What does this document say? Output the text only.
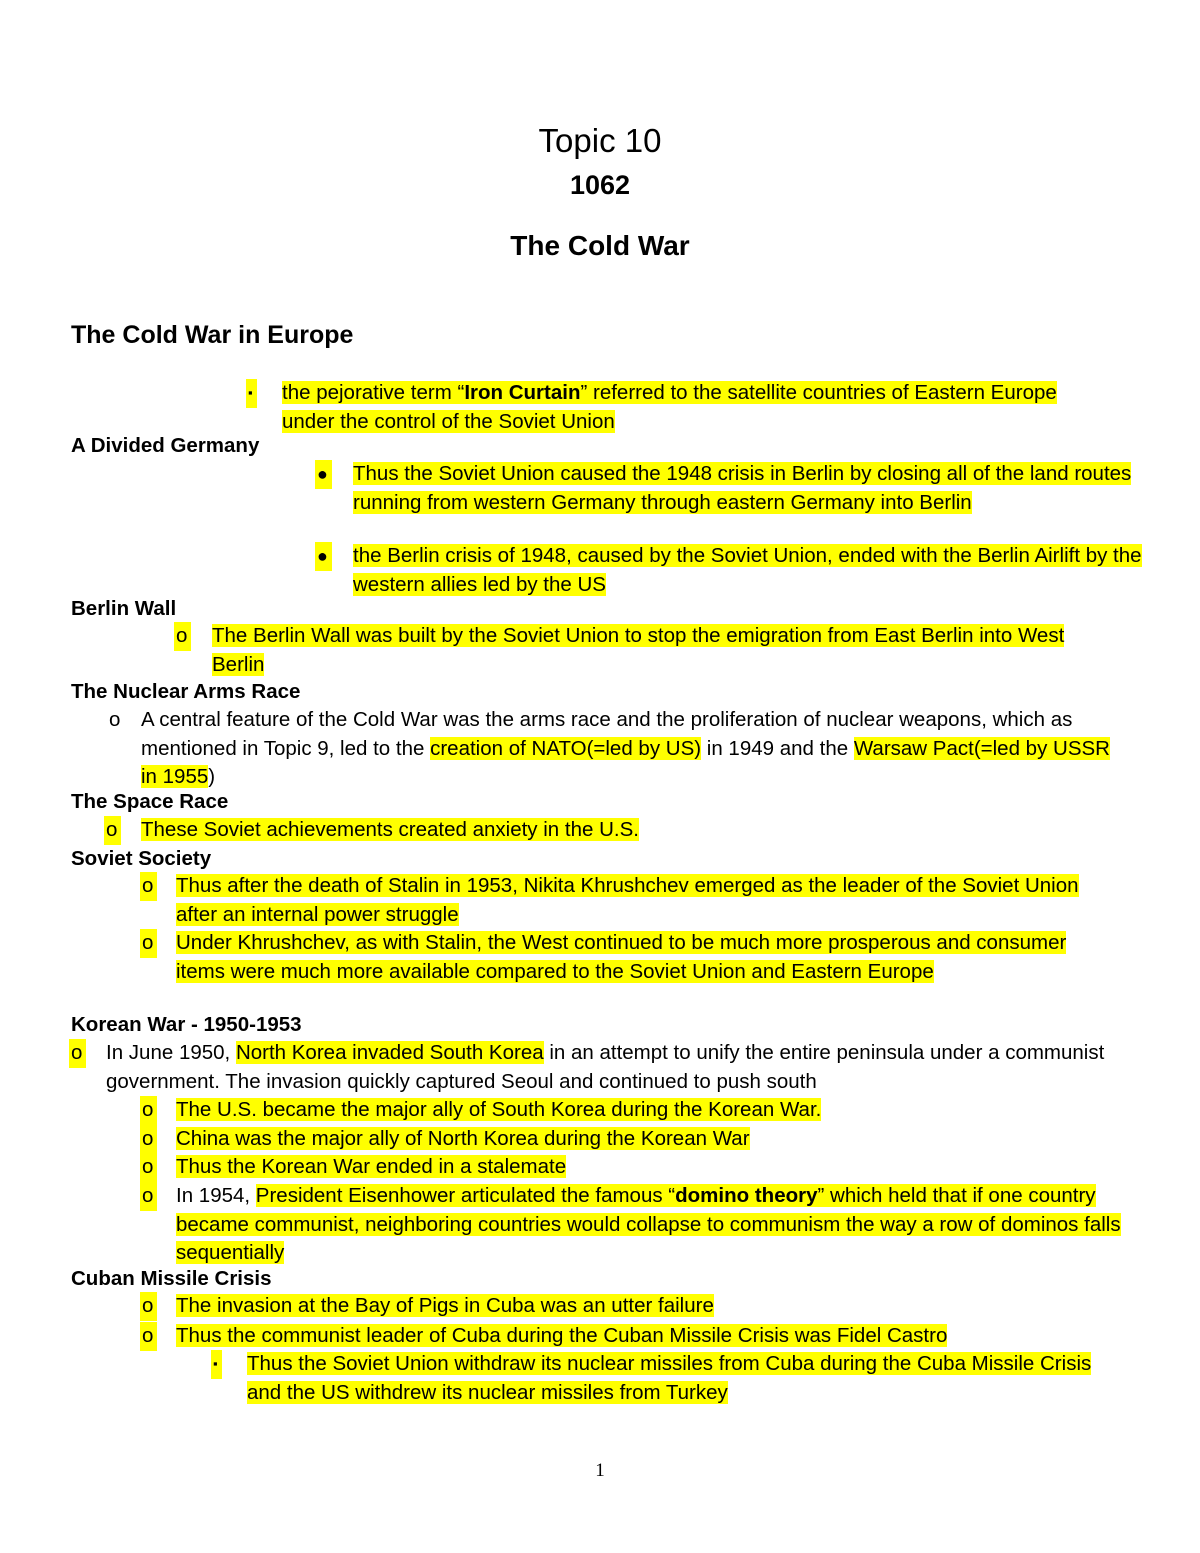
Topic 10
1062
The Cold War
The Cold War in Europe
▪ the pejorative term “Iron Curtain” referred to the satellite countries of Eastern Europe under the control of the Soviet Union
A Divided Germany
● Thus the Soviet Union caused the 1948 crisis in Berlin by closing all of the land routes running from western Germany through eastern Germany into Berlin
● the Berlin crisis of 1948, caused by the Soviet Union, ended with the Berlin Airlift by the western allies led by the US
Berlin Wall
o The Berlin Wall was built by the Soviet Union to stop the emigration from East Berlin into West Berlin
The Nuclear Arms Race
o A central feature of the Cold War was the arms race and the proliferation of nuclear weapons, which as mentioned in Topic 9, led to the creation of NATO(=led by US) in 1949 and the Warsaw Pact(=led by USSR in 1955)
The Space Race
o These Soviet achievements created anxiety in the U.S.
Soviet Society
o Thus after the death of Stalin in 1953, Nikita Khrushchev emerged as the leader of the Soviet Union after an internal power struggle
o Under Khrushchev, as with Stalin, the West continued to be much more prosperous and consumer items were much more available compared to the Soviet Union and Eastern Europe
Korean War - 1950-1953
o In June 1950, North Korea invaded South Korea in an attempt to unify the entire peninsula under a communist government. The invasion quickly captured Seoul and continued to push south
o The U.S. became the major ally of South Korea during the Korean War.
o China was the major ally of North Korea during the Korean War
o Thus the Korean War ended in a stalemate
o In 1954, President Eisenhower articulated the famous “domino theory” which held that if one country became communist, neighboring countries would collapse to communism the way a row of dominos falls sequentially
Cuban Missile Crisis
o The invasion at the Bay of Pigs in Cuba was an utter failure
o Thus the communist leader of Cuba during the Cuban Missile Crisis was Fidel Castro
▪ Thus the Soviet Union withdraw its nuclear missiles from Cuba during the Cuba Missile Crisis and the US withdrew its nuclear missiles from Turkey
1
